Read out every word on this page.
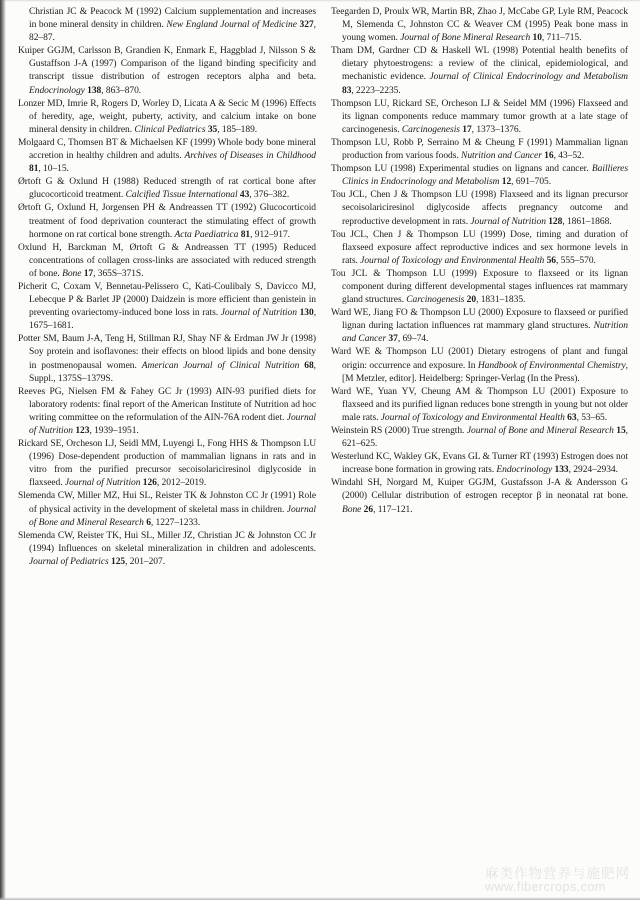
Christian JC & Peacock M (1992) Calcium supplementation and increases in bone mineral density in children. New England Journal of Medicine 327, 82–87.

Kuiper GGJM, Carlsson B, Grandien K, Enmark E, Haggblad J, Nilsson S & Gustaffson J-A (1997) Comparison of the ligand binding specificity and transcript tissue distribution of estrogen receptors alpha and beta. Endocrinology 138, 863–870.

Lonzer MD, Imrie R, Rogers D, Worley D, Licata A & Secic M (1996) Effects of heredity, age, weight, puberty, activity, and calcium intake on bone mineral density in children. Clinical Pediatrics 35, 185–189.

Molgaard C, Thomsen BT & Michaelsen KF (1999) Whole body bone mineral accretion in healthy children and adults. Archives of Diseases in Childhood 81, 10–15.

Ørtoft G & Oxlund H (1988) Reduced strength of rat cortical bone after glucocorticoid treatment. Calcified Tissue International 43, 376–382.

Ørtoft G, Oxlund H, Jorgensen PH & Andreassen TT (1992) Glucocorticoid treatment of food deprivation counteract the stimulating effect of growth hormone on rat cortical bone strength. Acta Paediatrica 81, 912–917.

Oxlund H, Barckman M, Ørtoft G & Andreassen TT (1995) Reduced concentrations of collagen cross-links are associated with reduced strength of bone. Bone 17, 365S–371S.

Picherit C, Coxam V, Bennetau-Pelissero C, Kati-Coulibaly S, Davicco MJ, Lebecque P & Barlet JP (2000) Daidzein is more efficient than genistein in preventing ovariectomy-induced bone loss in rats. Journal of Nutrition 130, 1675–1681.

Potter SM, Baum J-A, Teng H, Stillman RJ, Shay NF & Erdman JW Jr (1998) Soy protein and isoflavones: their effects on blood lipids and bone density in postmenopausal women. American Journal of Clinical Nutrition 68, Suppl., 1375S–1379S.

Reeves PG, Nielsen FM & Fahey GC Jr (1993) AIN-93 purified diets for laboratory rodents: final report of the American Institute of Nutrition ad hoc writing committee on the reformulation of the AIN-76A rodent diet. Journal of Nutrition 123, 1939–1951.

Rickard SE, Orcheson LJ, Seidl MM, Luyengi L, Fong HHS & Thompson LU (1996) Dose-dependent production of mammalian lignans in rats and in vitro from the purified precursor secoisolariciresinol diglycoside in flaxseed. Journal of Nutrition 126, 2012–2019.

Slemenda CW, Miller MZ, Hui SL, Reister TK & Johnston CC Jr (1991) Role of physical activity in the development of skeletal mass in children. Journal of Bone and Mineral Research 6, 1227–1233.

Slemenda CW, Reister TK, Hui SL, Miller JZ, Christian JC & Johnston CC Jr (1994) Influences on skeletal mineralization in children and adolescents. Journal of Pediatrics 125, 201–207.

Teegarden D, Proulx WR, Martin BR, Zhao J, McCabe GP, Lyle RM, Peacock M, Slemenda C, Johnston CC & Weaver CM (1995) Peak bone mass in young women. Journal of Bone Mineral Research 10, 711–715.

Tham DM, Gardner CD & Haskell WL (1998) Potential health benefits of dietary phytoestrogens: a review of the clinical, epidemiological, and mechanistic evidence. Journal of Clinical Endocrinology and Metabolism 83, 2223–2235.

Thompson LU, Rickard SE, Orcheson LJ & Seidel MM (1996) Flaxseed and its lignan components reduce mammary tumor growth at a late stage of carcinogenesis. Carcinogenesis 17, 1373–1376.

Thompson LU, Robb P, Serraino M & Cheung F (1991) Mammalian lignan production from various foods. Nutrition and Cancer 16, 43–52.

Thompson LU (1998) Experimental studies on lignans and cancer. Baillieres Clinics in Endocrinology and Metabolism 12, 691–705.

Tou JCL, Chen J & Thompson LU (1998) Flaxseed and its lignan precursor secoisolariciresinol diglycoside affects pregnancy outcome and reproductive development in rats. Journal of Nutrition 128, 1861–1868.

Tou JCL, Chen J & Thompson LU (1999) Dose, timing and duration of flaxseed exposure affect reproductive indices and sex hormone levels in rats. Journal of Toxicology and Environmental Health 56, 555–570.

Tou JCL & Thompson LU (1999) Exposure to flaxseed or its lignan component during different developmental stages influences rat mammary gland structures. Carcinogenesis 20, 1831–1835.

Ward WE, Jiang FO & Thompson LU (2000) Exposure to flaxseed or purified lignan during lactation influences rat mammary gland structures. Nutrition and Cancer 37, 69–74.

Ward WE & Thompson LU (2001) Dietary estrogens of plant and fungal origin: occurrence and exposure. In Handbook of Environmental Chemistry, [M Metzler, editor]. Heidelberg: Springer-Verlag (In the Press).

Ward WE, Yuan YV, Cheung AM & Thompson LU (2001) Exposure to flaxseed and its purified lignan reduces bone strength in young but not older male rats. Journal of Toxicology and Environmental Health 63, 53–65.

Weinstein RS (2000) True strength. Journal of Bone and Mineral Research 15, 621–625.

Westerlund KC, Wakley GK, Evans GL & Turner RT (1993) Estrogen does not increase bone formation in growing rats. Endocrinology 133, 2924–2934.

Windahl SH, Norgard M, Kuiper GGJM, Gustafsson J-A & Andersson G (2000) Cellular distribution of estrogen receptor β in neonatal rat bone. Bone 26, 117–121.

麻类作物营养与施肥网
www.fibercrops.com
